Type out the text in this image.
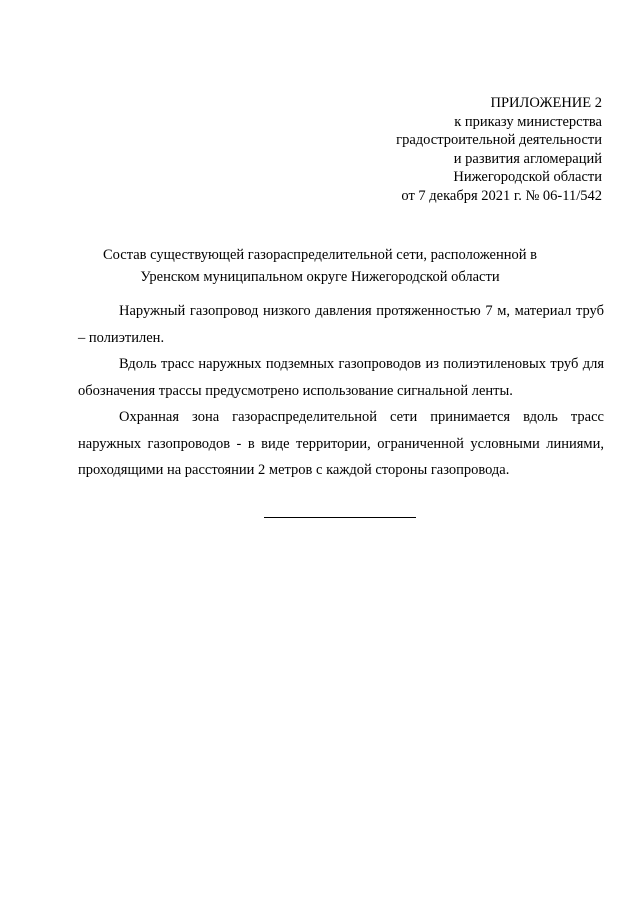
ПРИЛОЖЕНИЕ 2
к приказу министерства
градостроительной деятельности
и развития агломераций
Нижегородской области
от 7 декабря 2021 г. № 06-11/542
Состав существующей газораспределительной сети, расположенной в
Уренском муниципальном округе Нижегородской области

Наружный газопровод низкого давления протяженностью 7 м, материал труб – полиэтилен.

Вдоль трасс наружных подземных газопроводов из полиэтиленовых труб для обозначения трассы предусмотрено использование сигнальной ленты.

Охранная зона газораспределительной сети принимается вдоль трасс наружных газопроводов - в виде территории, ограниченной условными линиями, проходящими на расстоянии 2 метров с каждой стороны газопровода.
